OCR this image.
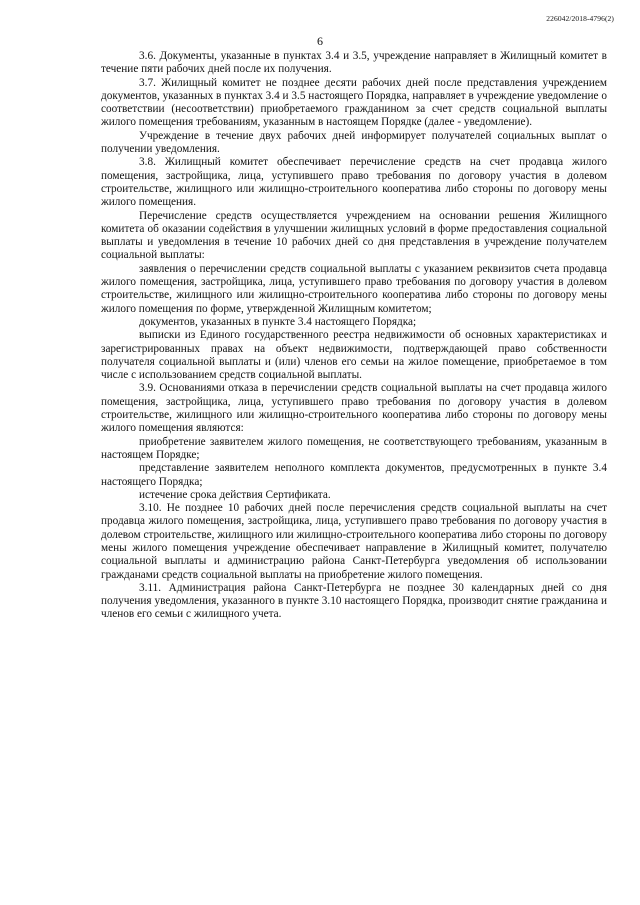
226042/2018-4796(2)
6

3.6. Документы, указанные в пунктах 3.4 и 3.5, учреждение направляет в Жилищный комитет в течение пяти рабочих дней после их получения.

3.7. Жилищный комитет не позднее десяти рабочих дней после представления учреждением документов, указанных в пунктах 3.4 и 3.5 настоящего Порядка, направляет в учреждение уведомление о соответствии (несоответствии) приобретаемого гражданином за счет средств социальной выплаты жилого помещения требованиям, указанным в настоящем Порядке (далее - уведомление).

Учреждение в течение двух рабочих дней информирует получателей социальных выплат о получении уведомления.

3.8. Жилищный комитет обеспечивает перечисление средств на счет продавца жилого помещения, застройщика, лица, уступившего право требования по договору участия в долевом строительстве, жилищного или жилищно-строительного кооператива либо стороны по договору мены жилого помещения.

Перечисление средств осуществляется учреждением на основании решения Жилищного комитета об оказании содействия в улучшении жилищных условий в форме предоставления социальной выплаты и уведомления в течение 10 рабочих дней со дня представления в учреждение получателем социальной выплаты:

заявления о перечислении средств социальной выплаты с указанием реквизитов счета продавца жилого помещения, застройщика, лица, уступившего право требования по договору участия в долевом строительстве, жилищного или жилищно-строительного кооператива либо стороны по договору мены жилого помещения по форме, утвержденной Жилищным комитетом;

документов, указанных в пункте 3.4 настоящего Порядка;

выписки из Единого государственного реестра недвижимости об основных характеристиках и зарегистрированных правах на объект недвижимости, подтверждающей право собственности получателя социальной выплаты и (или) членов его семьи на жилое помещение, приобретаемое в том числе с использованием средств социальной выплаты.

3.9. Основаниями отказа в перечислении средств социальной выплаты на счет продавца жилого помещения, застройщика, лица, уступившего право требования по договору участия в долевом строительстве, жилищного или жилищно-строительного кооператива либо стороны по договору мены жилого помещения являются:

приобретение заявителем жилого помещения, не соответствующего требованиям, указанным в настоящем Порядке;

представление заявителем неполного комплекта документов, предусмотренных в пункте 3.4 настоящего Порядка;

истечение срока действия Сертификата.

3.10. Не позднее 10 рабочих дней после перечисления средств социальной выплаты на счет продавца жилого помещения, застройщика, лица, уступившего право требования по договору участия в долевом строительстве, жилищного или жилищно-строительного кооператива либо стороны по договору мены жилого помещения учреждение обеспечивает направление в Жилищный комитет, получателю социальной выплаты и администрацию района Санкт-Петербурга уведомления об использовании гражданами средств социальной выплаты на приобретение жилого помещения.

3.11. Администрация района Санкт-Петербурга не позднее 30 календарных дней со дня получения уведомления, указанного в пункте 3.10 настоящего Порядка, производит снятие гражданина и членов его семьи с жилищного учета.
